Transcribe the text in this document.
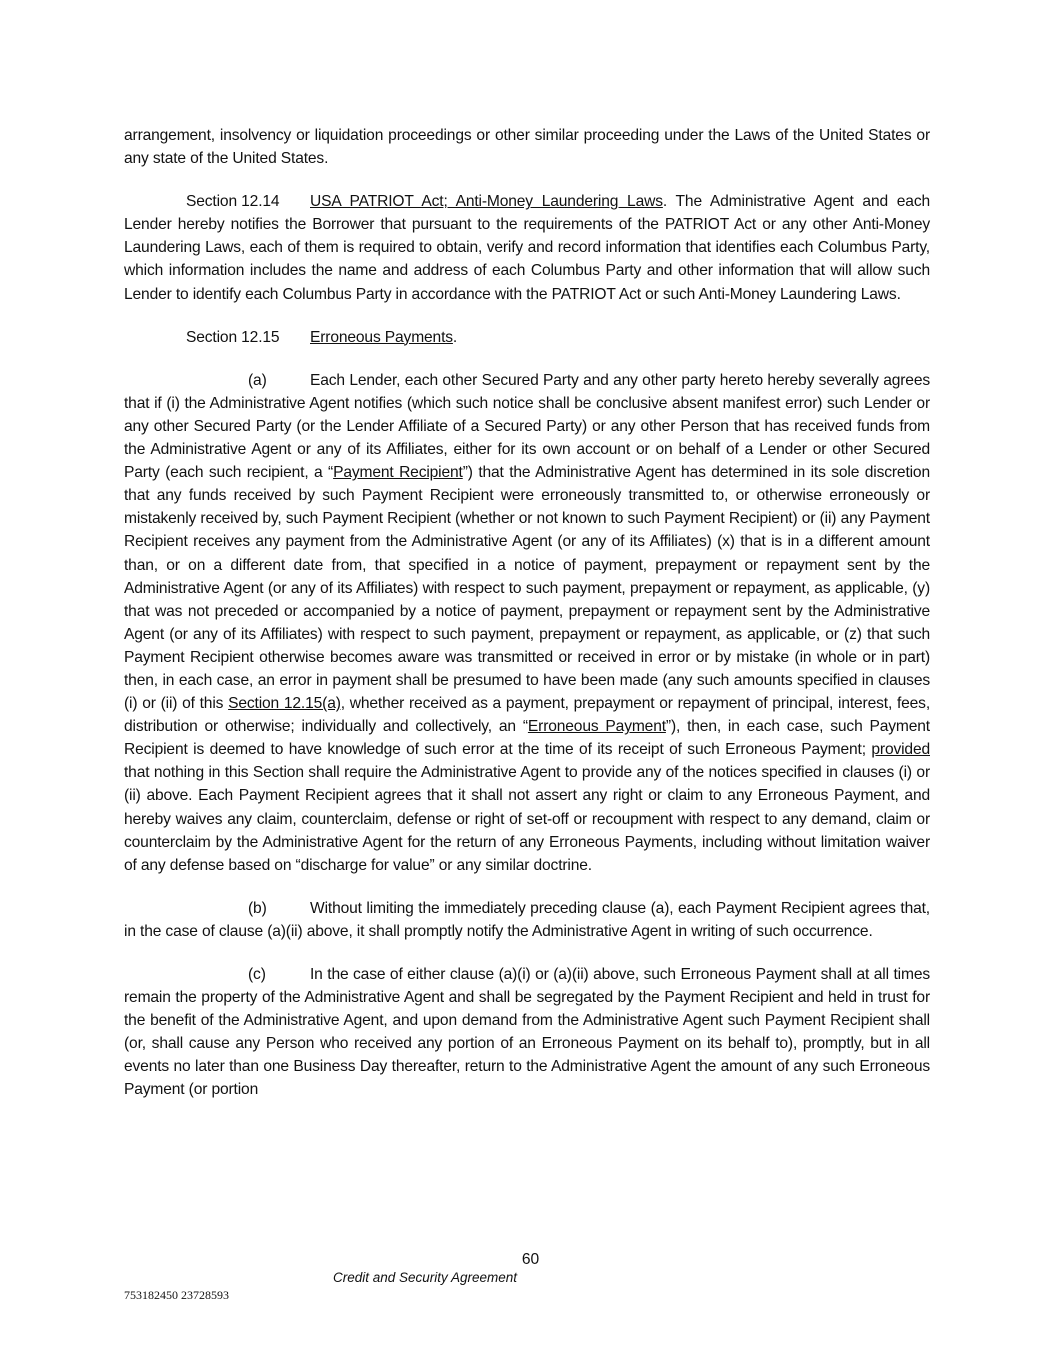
arrangement, insolvency or liquidation proceedings or other similar proceeding under the Laws of the United States or any state of the United States.

Section 12.14 USA PATRIOT Act; Anti-Money Laundering Laws. The Administrative Agent and each Lender hereby notifies the Borrower that pursuant to the requirements of the PATRIOT Act or any other Anti-Money Laundering Laws, each of them is required to obtain, verify and record information that identifies each Columbus Party, which information includes the name and address of each Columbus Party and other information that will allow such Lender to identify each Columbus Party in accordance with the PATRIOT Act or such Anti-Money Laundering Laws.

Section 12.15 Erroneous Payments.

(a)	Each Lender, each other Secured Party and any other party hereto hereby severally agrees that if (i) the Administrative Agent notifies (which such notice shall be conclusive absent manifest error) such Lender or any other Secured Party (or the Lender Affiliate of a Secured Party) or any other Person that has received funds from the Administrative Agent or any of its Affiliates, either for its own account or on behalf of a Lender or other Secured Party (each such recipient, a “Payment Recipient”) that the Administrative Agent has determined in its sole discretion that any funds received by such Payment Recipient were erroneously transmitted to, or otherwise erroneously or mistakenly received by, such Payment Recipient (whether or not known to such Payment Recipient) or (ii) any Payment Recipient receives any payment from the Administrative Agent (or any of its Affiliates) (x) that is in a different amount than, or on a different date from, that specified in a notice of payment, prepayment or repayment sent by the Administrative Agent (or any of its Affiliates) with respect to such payment, prepayment or repayment, as applicable, (y) that was not preceded or accompanied by a notice of payment, prepayment or repayment sent by the Administrative Agent (or any of its Affiliates) with respect to such payment, prepayment or repayment, as applicable, or (z) that such Payment Recipient otherwise becomes aware was transmitted or received in error or by mistake (in whole or in part) then, in each case, an error in payment shall be presumed to have been made (any such amounts specified in clauses (i) or (ii) of this Section 12.15(a), whether received as a payment, prepayment or repayment of principal, interest, fees, distribution or otherwise; individually and collectively, an “Erroneous Payment”), then, in each case, such Payment Recipient is deemed to have knowledge of such error at the time of its receipt of such Erroneous Payment; provided that nothing in this Section shall require the Administrative Agent to provide any of the notices specified in clauses (i) or (ii) above. Each Payment Recipient agrees that it shall not assert any right or claim to any Erroneous Payment, and hereby waives any claim, counterclaim, defense or right of set-off or recoupment with respect to any demand, claim or counterclaim by the Administrative Agent for the return of any Erroneous Payments, including without limitation waiver of any defense based on “discharge for value” or any similar doctrine.

(b)	Without limiting the immediately preceding clause (a), each Payment Recipient agrees that, in the case of clause (a)(ii) above, it shall promptly notify the Administrative Agent in writing of such occurrence.

(c)	In the case of either clause (a)(i) or (a)(ii) above, such Erroneous Payment shall at all times remain the property of the Administrative Agent and shall be segregated by the Payment Recipient and held in trust for the benefit of the Administrative Agent, and upon demand from the Administrative Agent such Payment Recipient shall (or, shall cause any Person who received any portion of an Erroneous Payment on its behalf to), promptly, but in all events no later than one Business Day thereafter, return to the Administrative Agent the amount of any such Erroneous Payment (or portion

60
Credit and Security Agreement
753182450 23728593
